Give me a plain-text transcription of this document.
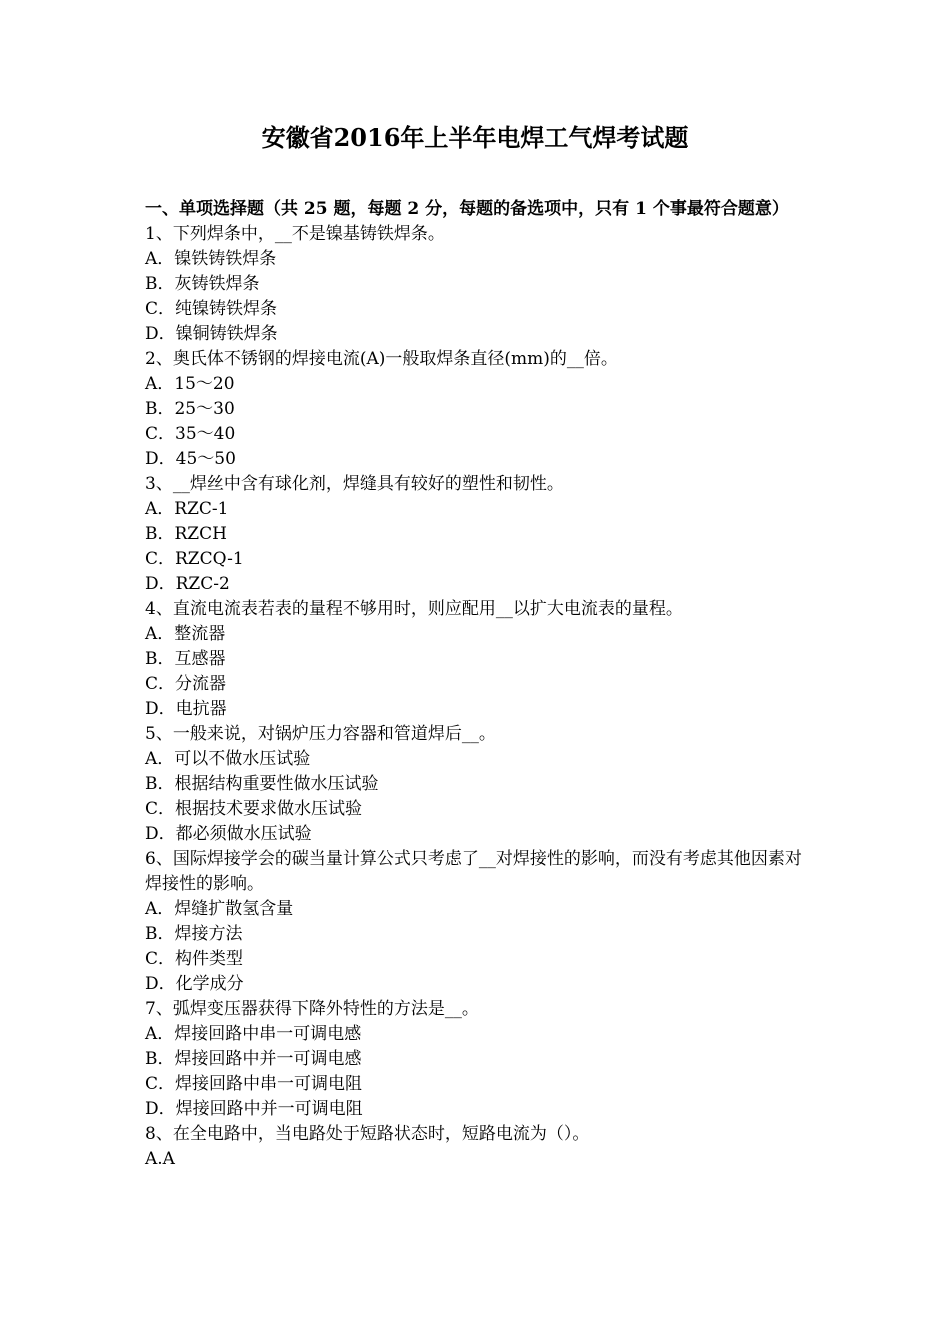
安徽省2016年上半年电焊工气焊考试题

一、单项选择题（共 25 题，每题 2 分，每题的备选项中，只有 1 个事最符合题意）

1、下列焊条中，__不是镍基铸铁焊条。

A．镍铁铸铁焊条

B．灰铸铁焊条

C．纯镍铸铁焊条

D．镍铜铸铁焊条

2、奥氏体不锈钢的焊接电流(A)一般取焊条直径(mm)的__倍。

A．15～20

B．25～30

C．35～40

D．45～50

3、__焊丝中含有球化剂，焊缝具有较好的塑性和韧性。

A．RZC-1

B．RZCH

C．RZCQ-1

D．RZC-2

4、直流电流表若表的量程不够用时，则应配用__以扩大电流表的量程。

A．整流器

B．互感器

C．分流器

D．电抗器

5、一般来说，对锅炉压力容器和管道焊后__。

A．可以不做水压试验

B．根据结构重要性做水压试验

C．根据技术要求做水压试验

D．都必须做水压试验

6、国际焊接学会的碳当量计算公式只考虑了__对焊接性的影响，而没有考虑其他因素对焊接性的影响。

A．焊缝扩散氢含量

B．焊接方法

C．构件类型

D．化学成分

7、弧焊变压器获得下降外特性的方法是__。

A．焊接回路中串一可调电感

B．焊接回路中并一可调电感

C．焊接回路中串一可调电阻

D．焊接回路中并一可调电阻

8、在全电路中，当电路处于短路状态时，短路电流为（）。

A.A
